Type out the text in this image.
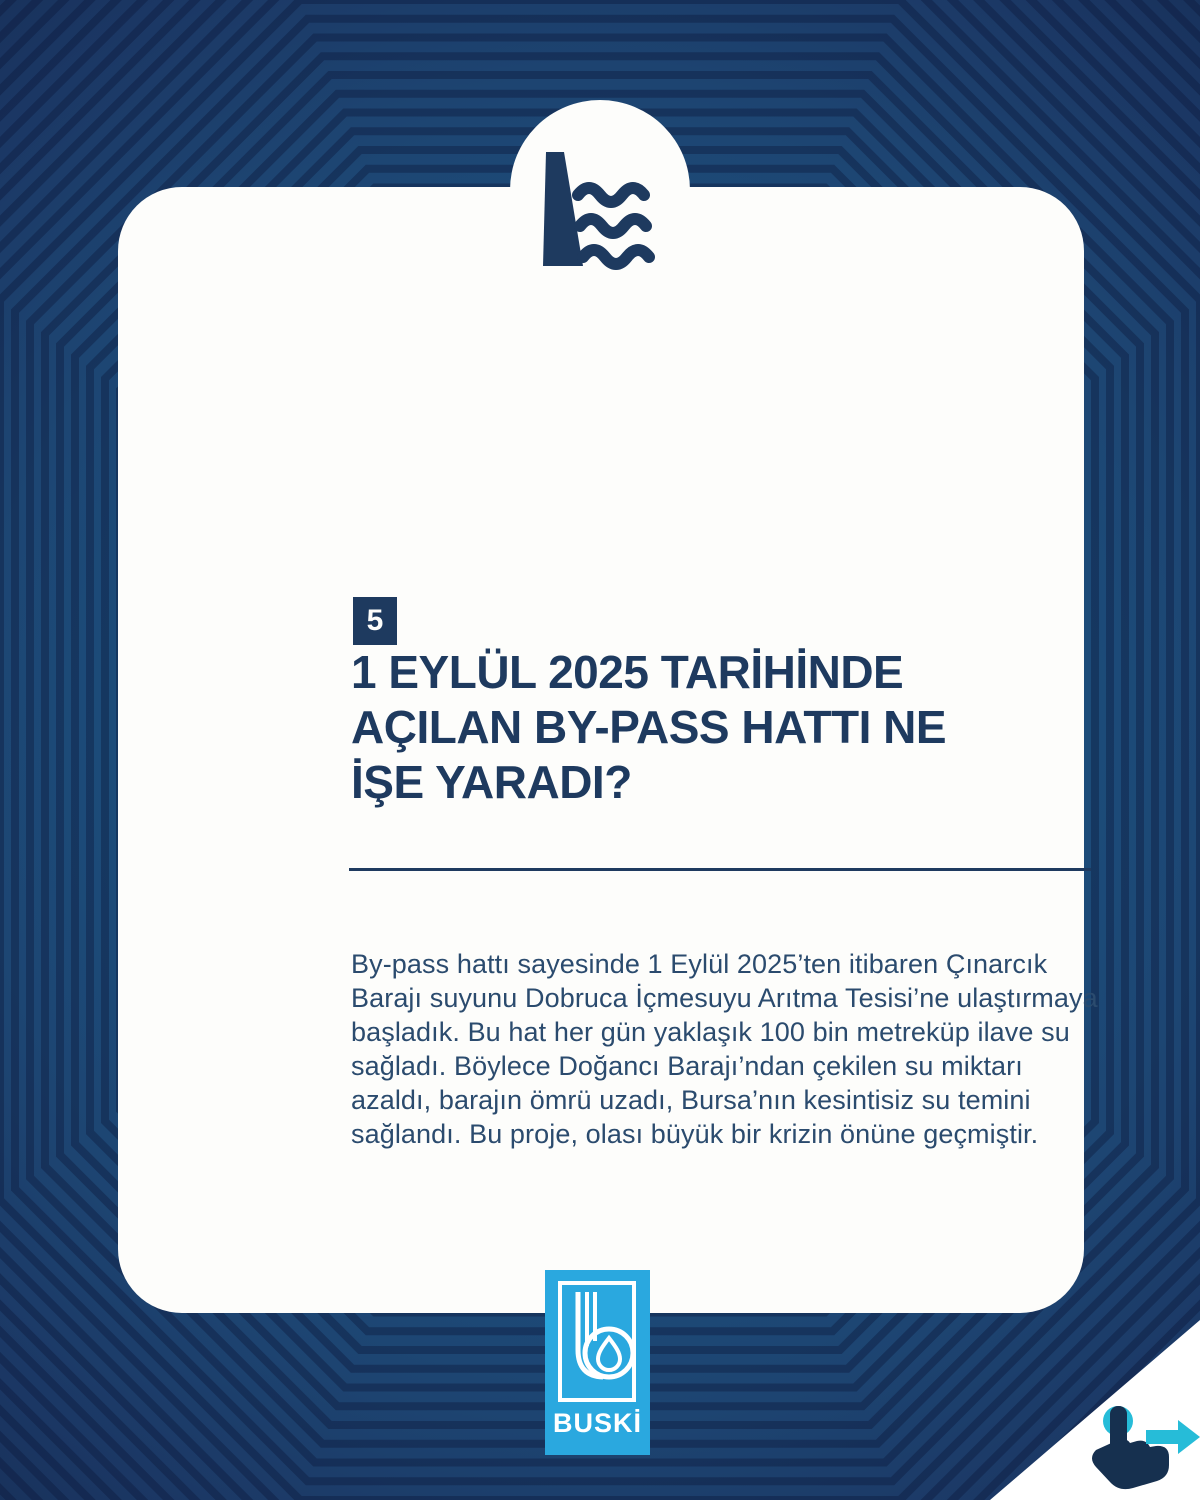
5
1 EYLÜL 2025 TARİHİNDE
AÇILAN BY-PASS HATTI NE
İŞE YARADI?

By-pass hattı sayesinde 1 Eylül 2025’ten itibaren Çınarcık Barajı suyunu Dobruca İçmesuyu Arıtma Tesisi’ne ulaştırmaya başladık. Bu hat her gün yaklaşık 100 bin metreküp ilave su sağladı. Böylece Doğancı Barajı’ndan çekilen su miktarı azaldı, barajın ömrü uzadı, Bursa’nın kesintisiz su temini sağlandı. Bu proje, olası büyük bir krizin önüne geçmiştir.

BUSKİ
